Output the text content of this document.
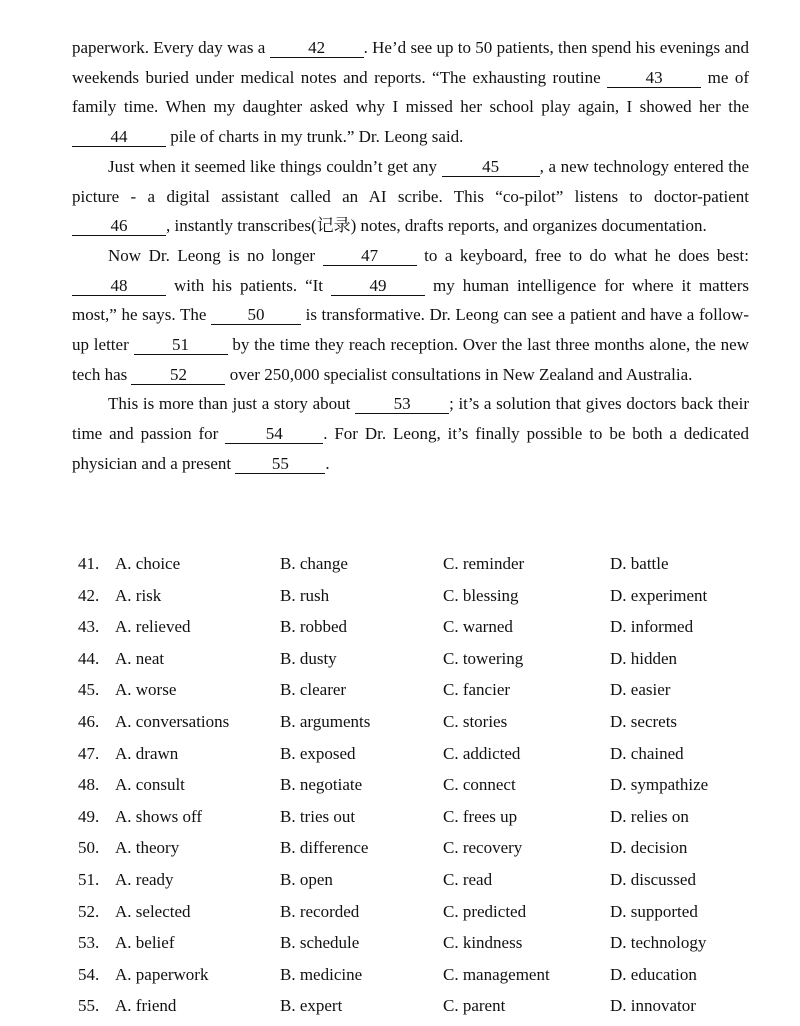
paperwork. Every day was a 42 . He’d see up to 50 patients, then spend his evenings and weekends buried under medical notes and reports. “The exhausting routine 43 me of family time. When my daughter asked why I missed her school play again, I showed her the 44 pile of charts in my trunk.” Dr. Leong said.

Just when it seemed like things couldn’t get any 45 , a new technology entered the picture - a digital assistant called an AI scribe. This “co-pilot” listens to doctor-patient 46 , instantly transcribes(记录) notes, drafts reports, and organizes documentation.

Now Dr. Leong is no longer 47 to a keyboard, free to do what he does best: 48 with his patients. “It 49 my human intelligence for where it matters most,” he says. The 50 is transformative. Dr. Leong can see a patient and have a follow-up letter 51 by the time they reach reception. Over the last three months alone, the new tech has 52 over 250,000 specialist consultations in New Zealand and Australia.

This is more than just a story about 53 ; it’s a solution that gives doctors back their time and passion for 54 . For Dr. Leong, it’s finally possible to be both a dedicated physician and a present 55 .

41. A. choice	B. change	C. reminder	D. battle
42. A. risk	B. rush	C. blessing	D. experiment
43. A. relieved	B. robbed	C. warned	D. informed
44. A. neat	B. dusty	C. towering	D. hidden
45. A. worse	B. clearer	C. fancier	D. easier
46. A. conversations	B. arguments	C. stories	D. secrets
47. A. drawn	B. exposed	C. addicted	D. chained
48. A. consult	B. negotiate	C. connect	D. sympathize
49. A. shows off	B. tries out	C. frees up	D. relies on
50. A. theory	B. difference	C. recovery	D. decision
51. A. ready	B. open	C. read	D. discussed
52. A. selected	B. recorded	C. predicted	D. supported
53. A. belief	B. schedule	C. kindness	D. technology
54. A. paperwork	B. medicine	C. management	D. education
55. A. friend	B. expert	C. parent	D. innovator
